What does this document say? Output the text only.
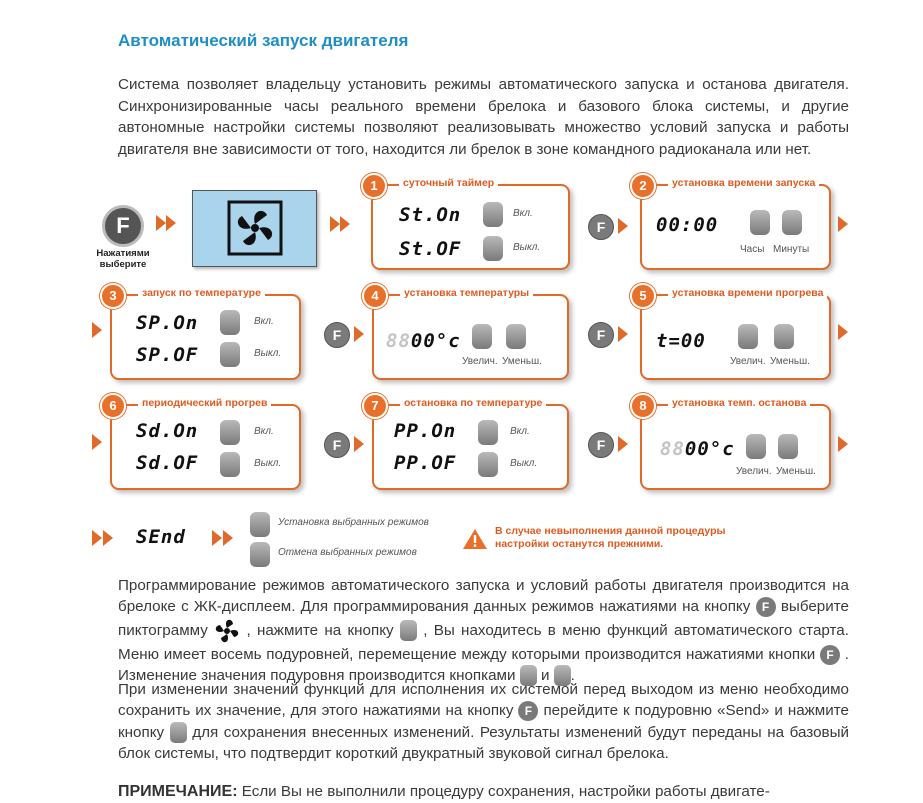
Автоматический запуск двигателя
Система позволяет владельцу установить режимы автоматического запуска и останова двигателя. Синхронизированные часы реального времени брелока и базового блока системы, и другие автономные настройки системы позволяют реализовывать множество условий запуска и работы двигателя вне зависимости от того, находится ли брелок в зоне командного радиоканала или нет.
F
Нажатиями выберите
1	суточный таймер
St.On
St.OF
Вкл.
Выкл.
F
2	установка времени запуска
00:00
Часы Минуты
3	запуск по температуре
SP.On
SP.OF
Вкл.
Выкл.
F
4	установка температуры
8800°c
Увелич. Уменьш.
F
5	установка времени прогрева
t=00
Увелич. Уменьш.
6	периодический прогрев
Sd.On
Sd.OF
Вкл.
Выкл.
F
7	остановка по температуре
PP.On
PP.OF
Вкл.
Выкл.
F
8	установка темп. останова
8800°c
Увелич. Уменьш.
SEnd
Установка выбранных режимов
Отмена выбранных режимов
В случае невыполнения данной процедуры настройки останутся прежними.
Программирование режимов автоматического запуска и условий работы двигателя производится на брелоке с ЖК-дисплеем. Для программирования данных режимов нажатиями на кнопку F выберите пиктограмму	, нажмите на кнопку , Вы находитесь в меню функций автоматического старта. Меню имеет восемь подуровней, перемещение между которыми производится нажатиями кнопки F . Изменение значения подуровня производится кнопками и .
При изменении значений функций для исполнения их системой перед выходом из меню необходимо сохранить их значение, для этого нажатиями на кнопку F перейдите к подуровню «Send» и нажмите кнопку для сохранения внесенных изменений. Результаты изменений будут переданы на базовый блок системы, что подтвердит короткий двукратный звуковой сигнал брелока.
ПРИМЕЧАНИЕ: Если Вы не выполнили процедуру сохранения, настройки работы двигате-
